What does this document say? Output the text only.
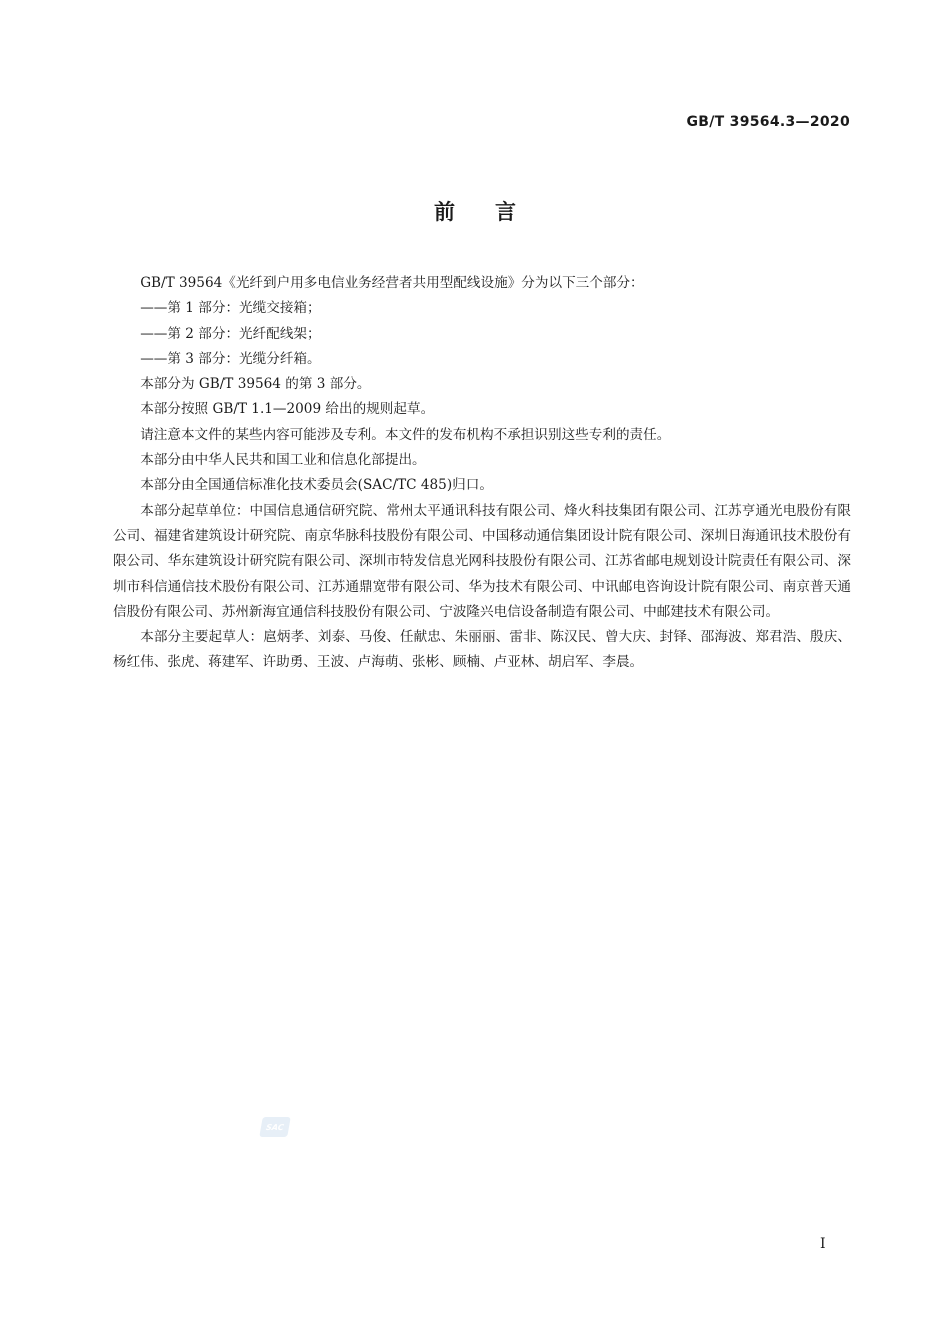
GB/T 39564.3—2020
前言

GB/T 39564《光纤到户用多电信业务经营者共用型配线设施》分为以下三个部分：

——第 1 部分：光缆交接箱；

——第 2 部分：光纤配线架；

——第 3 部分：光缆分纤箱。

本部分为 GB/T 39564 的第 3 部分。

本部分按照 GB/T 1.1—2009 给出的规则起草。

请注意本文件的某些内容可能涉及专利。本文件的发布机构不承担识别这些专利的责任。

本部分由中华人民共和国工业和信息化部提出。

本部分由全国通信标准化技术委员会(SAC/TC 485)归口。

本部分起草单位：中国信息通信研究院、常州太平通讯科技有限公司、烽火科技集团有限公司、江苏亨通光电股份有限公司、福建省建筑设计研究院、南京华脉科技股份有限公司、中国移动通信集团设计院有限公司、深圳日海通讯技术股份有限公司、华东建筑设计研究院有限公司、深圳市特发信息光网科技股份有限公司、江苏省邮电规划设计院责任有限公司、深圳市科信通信技术股份有限公司、江苏通鼎宽带有限公司、华为技术有限公司、中讯邮电咨询设计院有限公司、南京普天通信股份有限公司、苏州新海宜通信科技股份有限公司、宁波隆兴电信设备制造有限公司、中邮建技术有限公司。

本部分主要起草人：扈炳孝、刘泰、马俊、任献忠、朱丽丽、雷非、陈汉民、曾大庆、封铎、邵海波、郑君浩、殷庆、杨红伟、张虎、蒋建军、许助勇、王波、卢海萌、张彬、顾楠、卢亚林、胡启军、李晨。

SAC
I
